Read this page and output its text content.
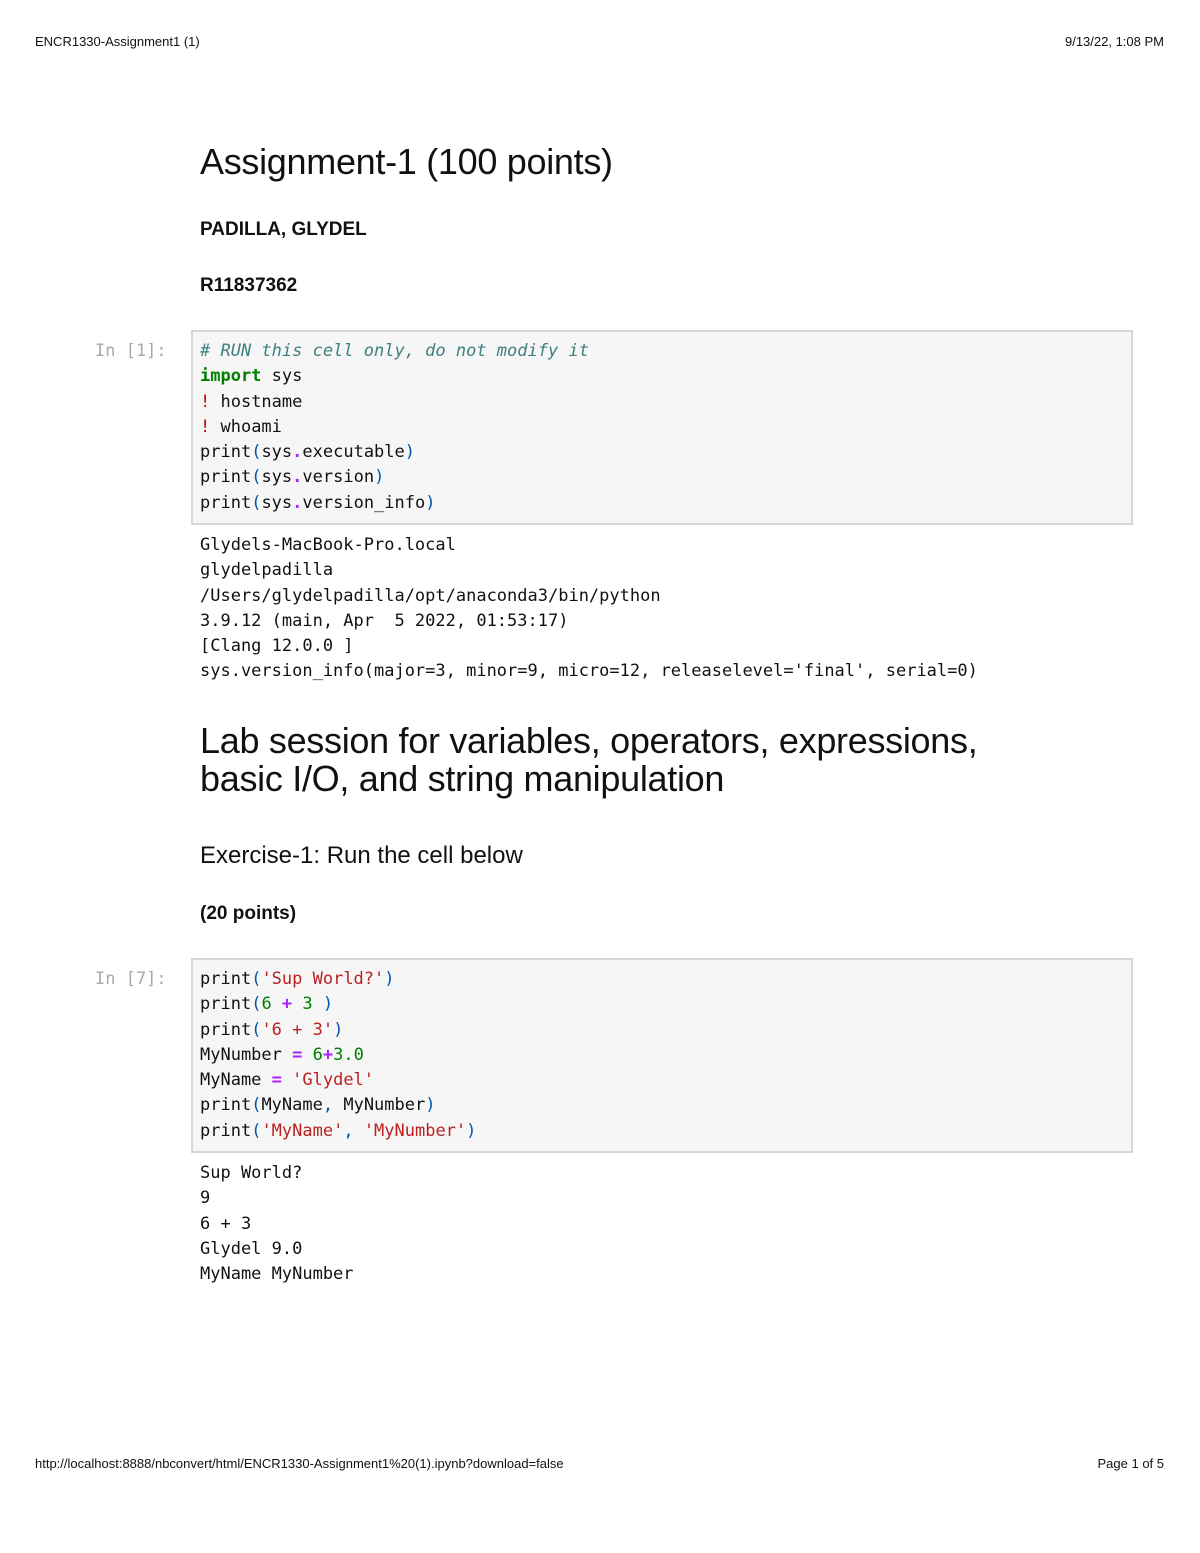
ENCR1330-Assignment1 (1)	9/13/22, 1:08 PM
Assignment-1 (100 points)

PADILLA, GLYDEL

R11837362

In [1]: # RUN this cell only, do not modify it
import sys
! hostname
! whoami
print(sys.executable)
print(sys.version)
print(sys.version_info)
Glydels-MacBook-Pro.local
glydelpadilla
/Users/glydelpadilla/opt/anaconda3/bin/python
3.9.12 (main, Apr  5 2022, 01:53:17)
[Clang 12.0.0 ]
sys.version_info(major=3, minor=9, micro=12, releaselevel='final', serial=0)
Lab session for variables, operators, expressions,
basic I/O, and string manipulation
Exercise-1: Run the cell below

(20 points)

In [7]: print('Sup World?')
print(6 + 3 )
print('6 + 3')
MyNumber = 6+3.0
MyName = 'Glydel'
print(MyName, MyNumber)
print('MyName', 'MyNumber')
Sup World?
9
6 + 3
Glydel 9.0
MyName MyNumber
http://localhost:8888/nbconvert/html/ENCR1330-Assignment1%20(1).ipynb?download=false	Page 1 of 5
